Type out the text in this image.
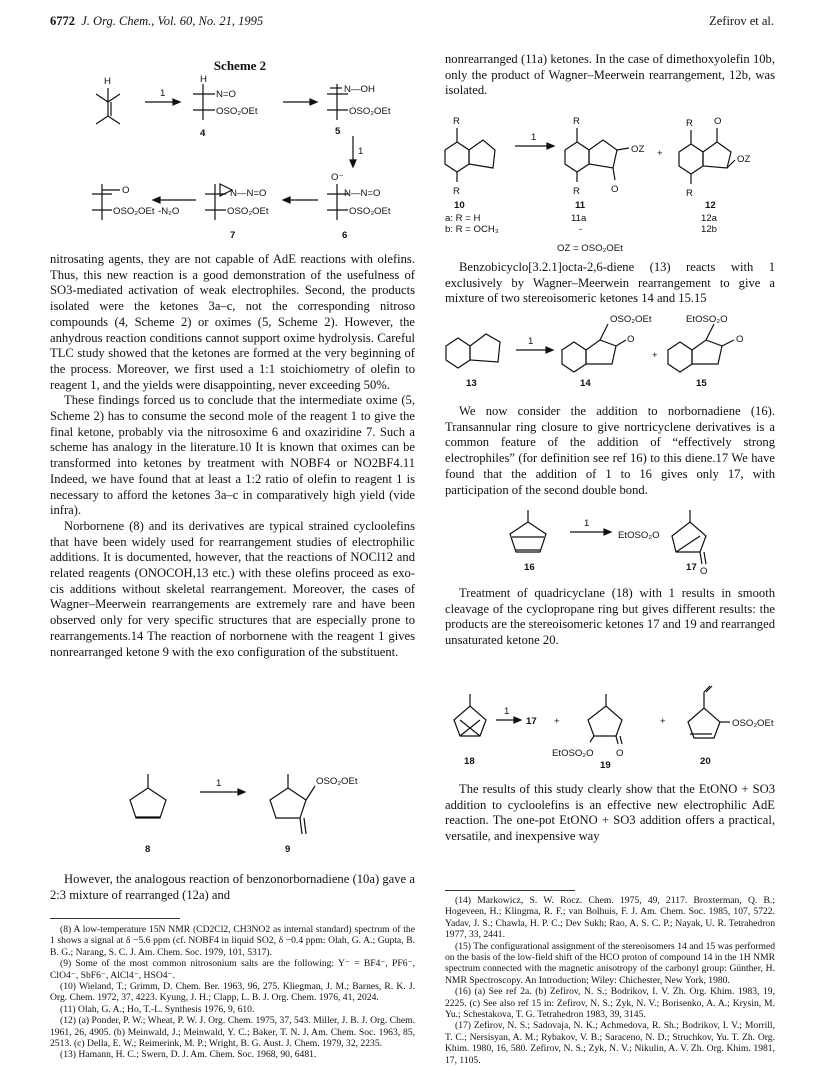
6772 J. Org. Chem., Vol. 60, No. 21, 1995	Zefirov et al.
Scheme 2
H
1
H
N=O
OSO₂OEt
4
N—OH
OSO₂OEt
5
1
O⁻
N—N=O
OSO₂OEt
6
N—N=O
OSO₂OEt
7
-N₂O
O
OSO₂OEt

nitrosating agents, they are not capable of AdE reactions with olefins. Thus, this new reaction is a good demonstration of the usefulness of SO3-mediated activation of weak electrophiles. Second, the products isolated were the ketones 3a–c, not the corresponding nitroso compounds (4, Scheme 2) or oximes (5, Scheme 2). However, the anhydrous reaction conditions cannot support oxime hydrolysis. Careful TLC study showed that the ketones are formed at the very beginning of the process. Moreover, we first used a 1:1 stoichiometry of olefin to reagent 1, and the yields were disappointing, never exceeding 50%.

These findings forced us to conclude that the intermediate oxime (5, Scheme 2) has to consume the second mole of the reagent 1 to give the final ketone, probably via the nitrosoxime 6 and oxaziridine 7. Such a scheme has analogy in the literature.10 It is known that oximes can be transformed into ketones by treatment with NOBF4 or NO2BF4.11 Indeed, we have found that at least a 1:2 ratio of olefin to reagent 1 is necessary to afford the ketones 3a–c in comparatively high yield (vide infra).

Norbornene (8) and its derivatives are typical strained cycloolefins that have been widely used for rearrangement studies of electrophilic additions. It is documented, however, that the reactions of NOCl12 and related reagents (ONOCOH,13 etc.) with these olefins proceed as exo-cis additions without skeletal rearrangement. Moreover, the cases of Wagner–Meerwein rearrangements are extremely rare and have been observed only for very specific structures that are especially prone to rearrangements.14 The reaction of norbornene with the reagent 1 gives nonrearranged ketone 9 with the exo configuration of the substituent.

1	OSO₂OEt
8	9

However, the analogous reaction of benzonorbornadiene (10a) gave a 2:3 mixture of rearranged (12a) and

nonrearranged (11a) ketones. In the case of dimethoxyolefin 10b, only the product of Wagner–Meerwein rearrangement, 12b, was isolated.

R
R
1
R
R
OZ
O
+
R
R
O
OZ
10	11	12
a: R = H	11a	12a
b: R = OCH₃	-	12b
OZ = OSO₂OEt

Benzobicyclo[3.2.1]octa-2,6-diene (13) reacts with 1 exclusively by Wagner–Meerwein rearrangement to give a mixture of two stereoisomeric ketones 14 and 15.15

1
OSO₂OEt
O
+
EtOSO₂O
O
13	14	15

We now consider the addition to norbornadiene (16). Transannular ring closure to give nortricyclene derivatives is a common feature of the addition of “effectively strong electrophiles” (for definition see ref 16) to this diene.17 We have found that the addition of 1 to 16 gives only 17, with participation of the second double bond.

1
EtOSO₂O
O
16	17

Treatment of quadricyclane (18) with 1 results in smooth cleavage of the cyclopropane ring but gives different results: the products are the stereoisomeric ketones 17 and 19 and rearranged unsaturated ketone 20.

1
17 +
EtOSO₂O O
+	OSO₂OEt
18	19	20

The results of this study clearly show that the EtONO + SO3 addition to cycloolefins is an effective new electrophilic AdE reaction. The one-pot EtONO + SO3 addition offers a practical, versatile, and inexpensive way

(8) A low-temperature 15N NMR (CD2Cl2, CH3NO2 as internal standard) spectrum of the 1 shows a signal at δ −5.6 ppm (cf. NOBF4 in liquid SO2, δ −0.4 ppm: Olah, G. A.; Gupta, B. B. G.; Narang, S. C. J. Am. Chem. Soc. 1979, 101, 5317).

(9) Some of the most common nitrosonium salts are the following: Y⁻ = BF4⁻, PF6⁻, ClO4⁻, SbF6⁻, AlCl4⁻, HSO4⁻.

(10) Wieland, T.; Grimm, D. Chem. Ber. 1963, 96, 275. Kliegman, J. M.; Barnes, R. K. J. Org. Chem. 1972, 37, 4223. Kyung, J. H.; Clapp, L. B. J. Org. Chem. 1976, 41, 2024.

(11) Olah, G. A.; Ho, T.-L. Synthesis 1976, 9, 610.

(12) (a) Ponder, P. W.; Wheat, P. W. J. Org. Chem. 1975, 37, 543. Miller, J. B. J. Org. Chem. 1961, 26, 4905. (b) Meinwald, J.; Meinwald, Y. C.; Baker, T. N. J. Am. Chem. Soc. 1963, 85, 2513. (c) Della, E. W.; Reimerink, M. P.; Wright, B. G. Aust. J. Chem. 1979, 32, 2235.

(13) Hamann, H. C.; Swern, D. J. Am. Chem. Soc. 1968, 90, 6481.

(14) Markowicz, S. W. Rocz. Chem. 1975, 49, 2117. Broxterman, Q. B.; Hogeveen, H.; Klingma, R. F.; van Bolhuis, F. J. Am. Chem. Soc. 1985, 107, 5722. Yadav, J. S.; Chawla, H. P. C.; Dev Sukh; Rao, A. S. C. P.; Nayak, U. R. Tetrahedron 1977, 33, 2441.

(15) The configurational assignment of the stereoisomers 14 and 15 was performed on the basis of the low-field shift of the HCO proton of compound 14 in the 1H NMR spectrum connected with the magnetic anisotropy of the carbonyl group: Günther, H. NMR Spectroscopy. An Introduction; Wiley: Chichester, New York, 1980.

(16) (a) See ref 2a. (b) Zefirov, N. S.; Bodrikov, I. V. Zh. Org. Khim. 1983, 19, 2225. (c) See also ref 15 in: Zefirov, N. S.; Zyk, N. V.; Borisenko, A. A.; Krysin, M. Yu.; Schestakova, T. G. Tetrahedron 1983, 39, 3145.

(17) Zefirov, N. S.; Sadovaja, N. K.; Achmedova, R. Sh.; Bodrikov, I. V.; Morrill, T. C.; Nersisyan, A. M.; Rybakov, V. B.; Saraceno, N. D.; Struchkov, Yu. T. Zh. Org. Khim. 1980, 16, 580. Zefirov, N. S.; Zyk, N. V.; Nikulin, A. V. Zh. Org. Khim. 1981, 17, 1105.
